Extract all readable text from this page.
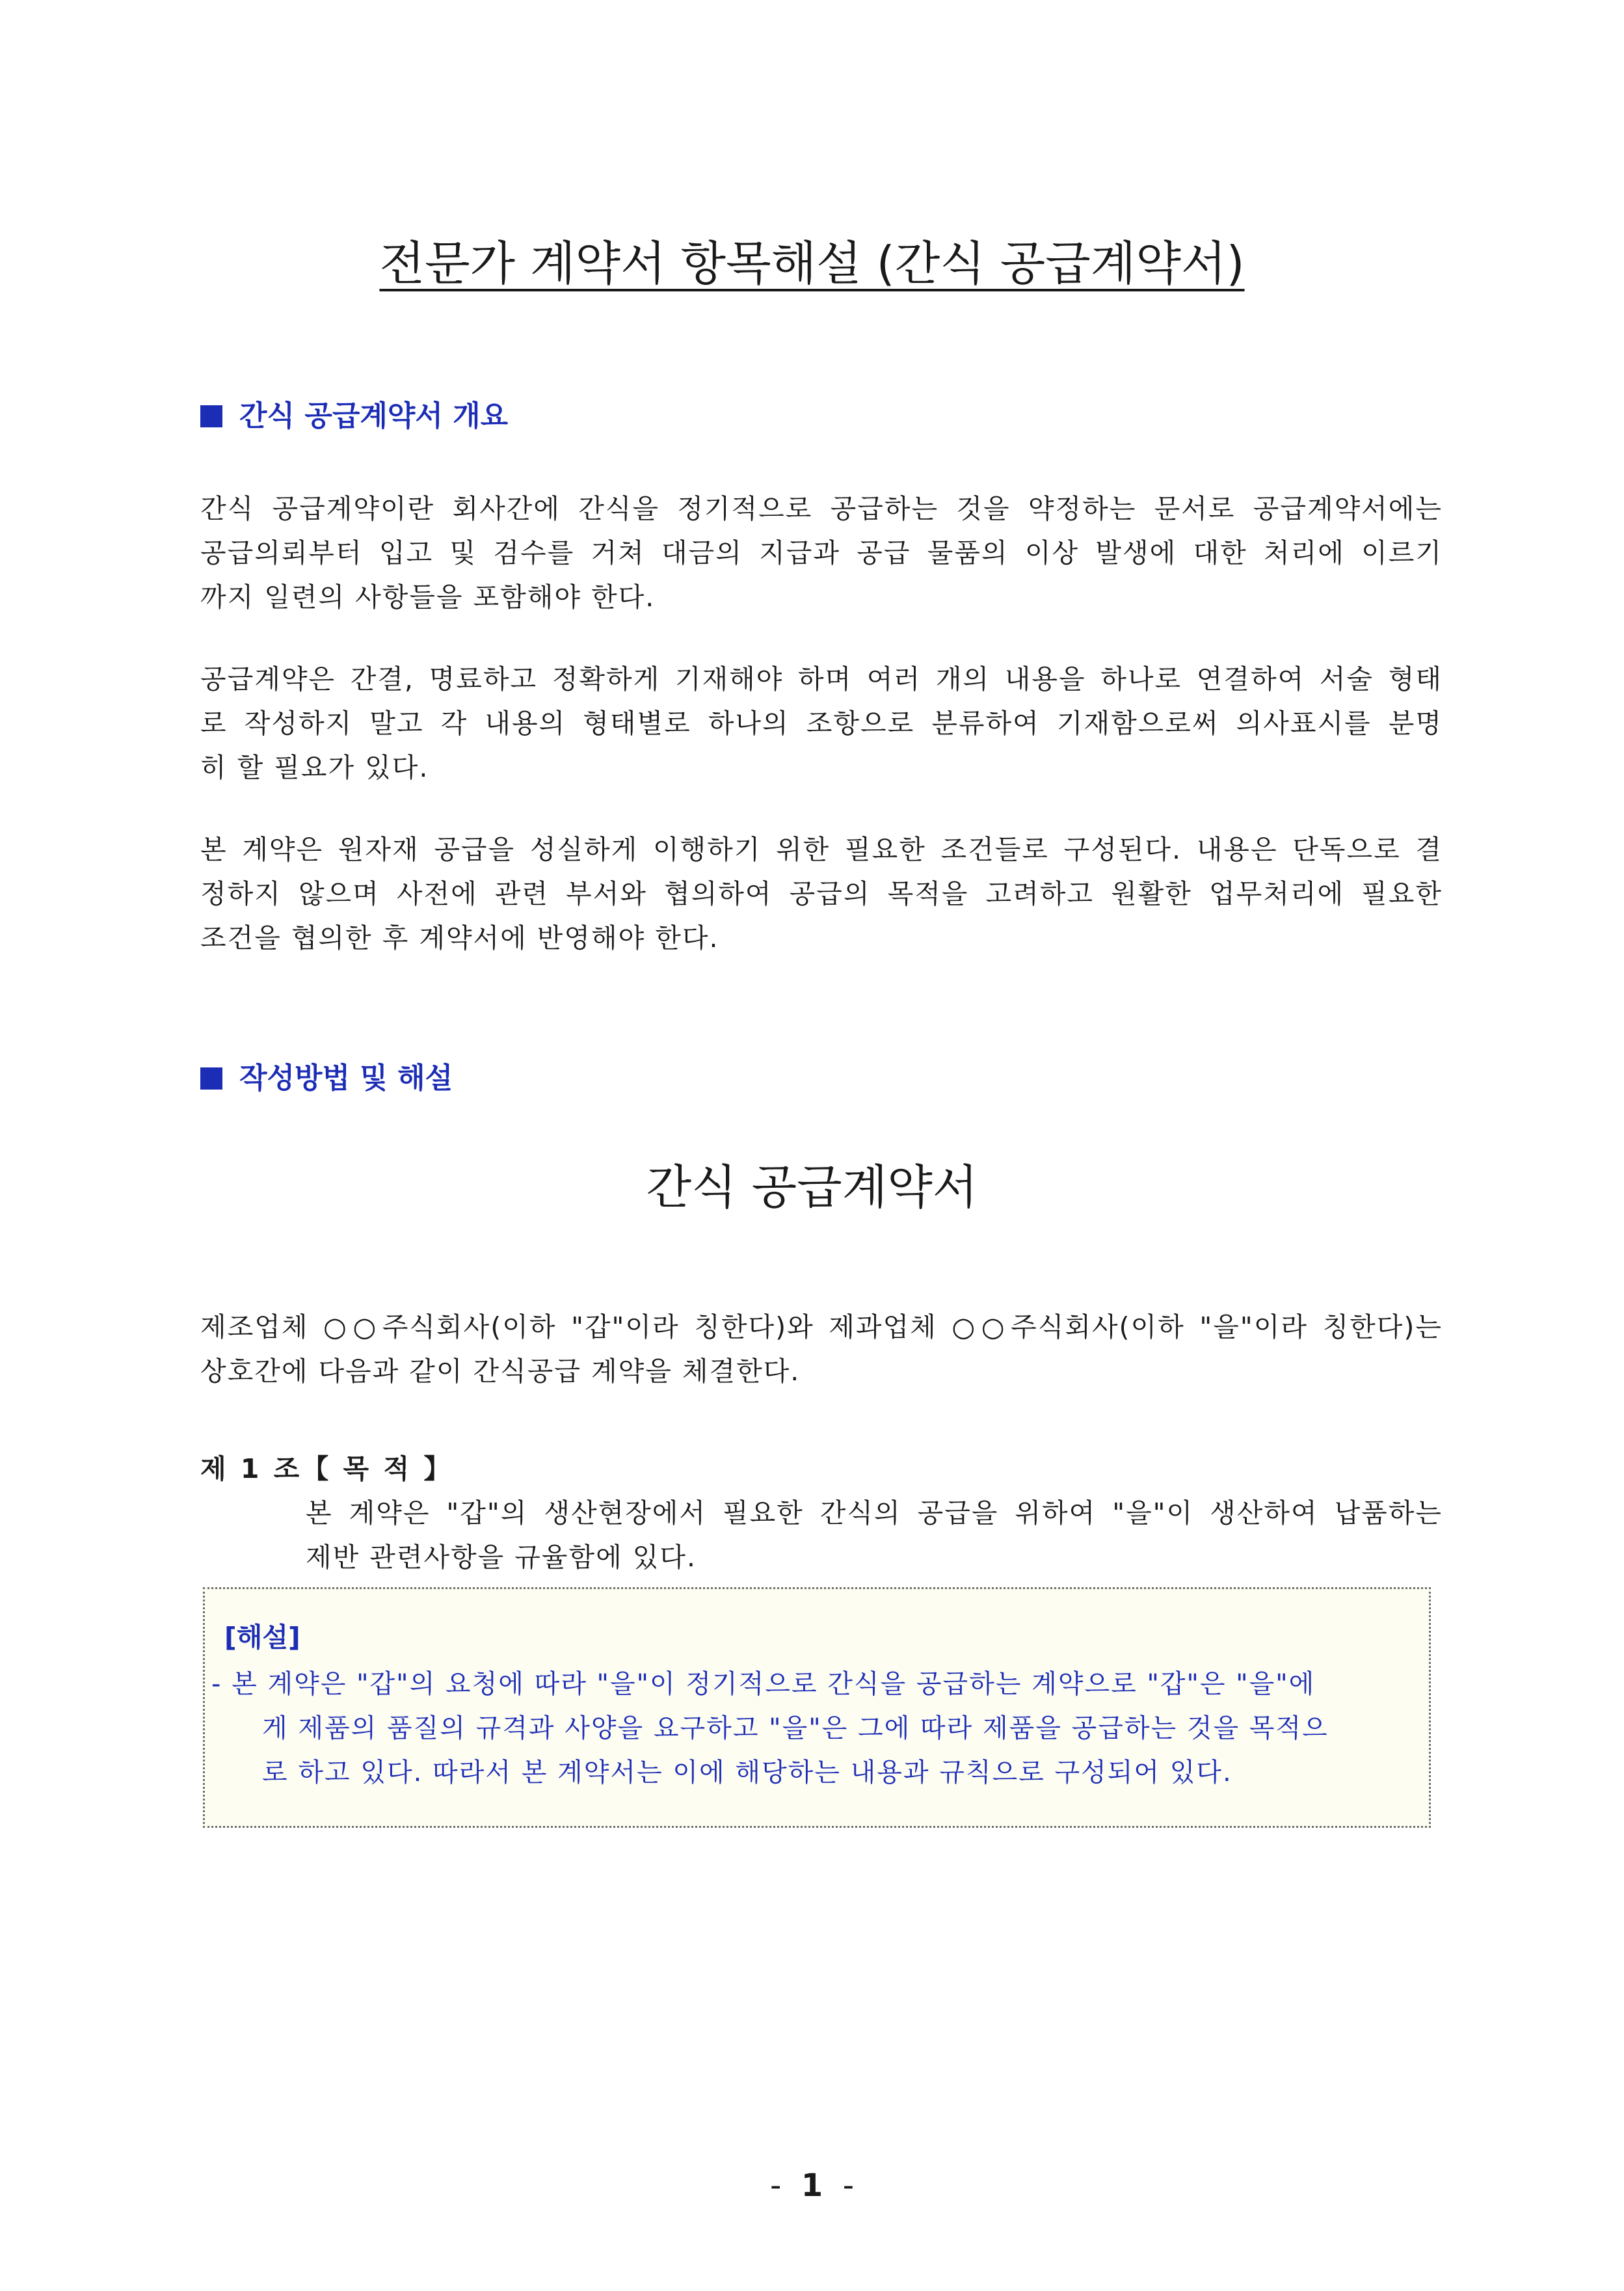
전문가 계약서 항목해설 (간식 공급계약서)
간식 공급계약서 개요
간식 공급계약이란 회사간에 간식을 정기적으로 공급하는 것을 약정하는 문서로 공급계약서에는
공급의뢰부터 입고 및 검수를 거쳐 대금의 지급과 공급 물품의 이상 발생에 대한 처리에 이르기
까지 일련의 사항들을 포함해야 한다.
공급계약은 간결, 명료하고 정확하게 기재해야 하며 여러 개의 내용을 하나로 연결하여 서술 형태
로 작성하지 말고 각 내용의 형태별로 하나의 조항으로 분류하여 기재함으로써 의사표시를 분명
히 할 필요가 있다.
본 계약은 원자재 공급을 성실하게 이행하기 위한 필요한 조건들로 구성된다. 내용은 단독으로 결
정하지 않으며 사전에 관련 부서와 협의하여 공급의 목적을 고려하고 원활한 업무처리에 필요한
조건을 협의한 후 계약서에 반영해야 한다.
작성방법 및 해설
간식 공급계약서
제조업체 ○○주식회사(이하 "갑"이라 칭한다)와 제과업체 ○○주식회사(이하 "을"이라 칭한다)는
상호간에 다음과 같이 간식공급 계약을 체결한다.
제 1 조【 목 적 】
본 계약은 "갑"의 생산현장에서 필요한 간식의 공급을 위하여 "을"이 생산하여 납품하는
제반 관련사항을 규율함에 있다.
[해설]
- 본 계약은 "갑"의 요청에 따라 "을"이 정기적으로 간식을 공급하는 계약으로 "갑"은 "을"에
게 제품의 품질의 규격과 사양을 요구하고 "을"은 그에 따라 제품을 공급하는 것을 목적으
로 하고 있다. 따라서 본 계약서는 이에 해당하는 내용과 규칙으로 구성되어 있다.
- 1 -
